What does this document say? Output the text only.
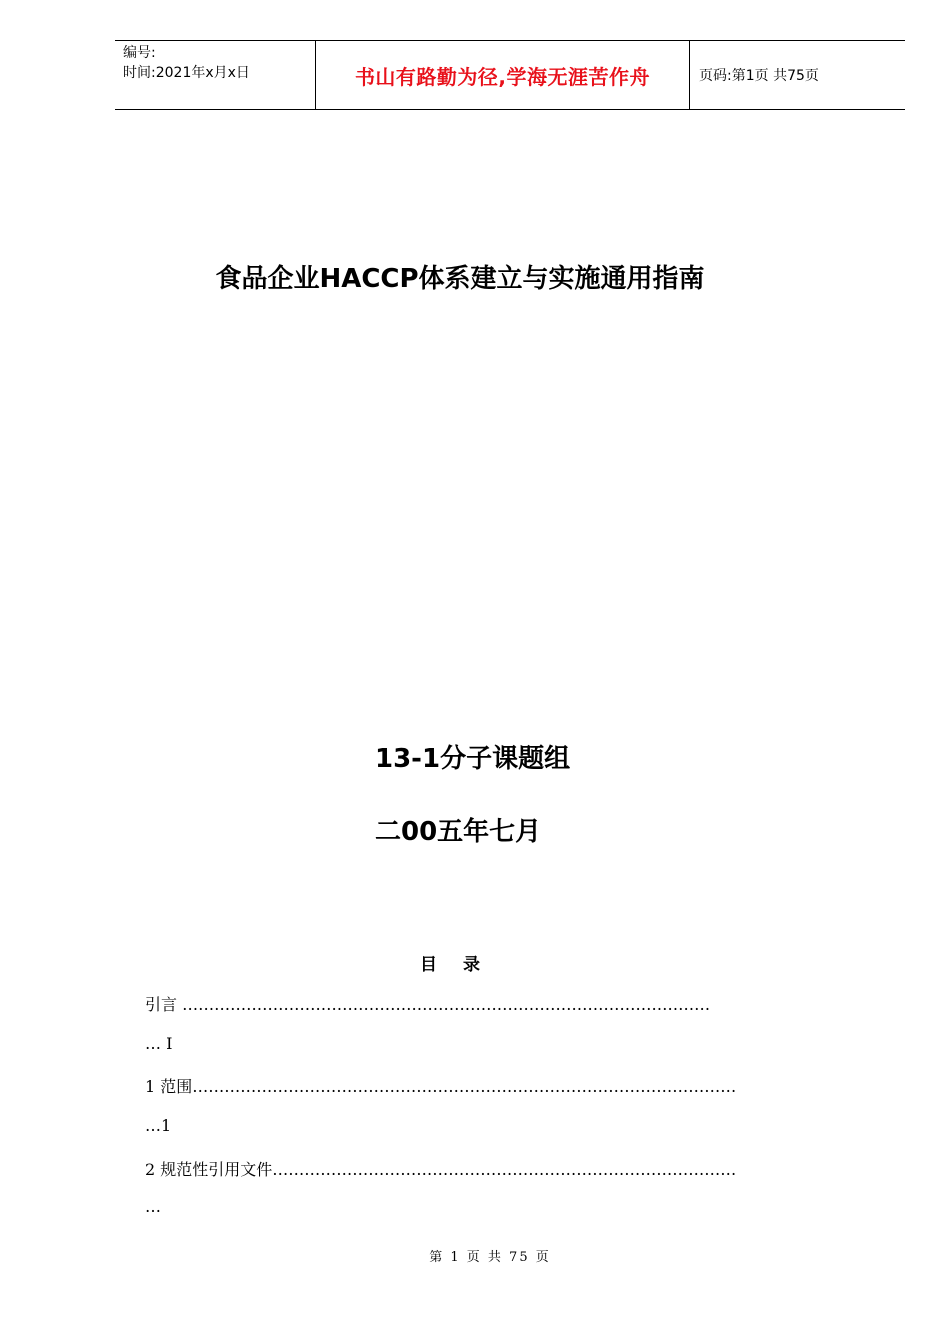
编号:
时间:2021年x月x日	书山有路勤为径,学海无涯苦作舟	页码:第1页 共75页
食品企业HACCP体系建立与实施通用指南
13-1分子课题组
二00五年七月
目 录
引言 ………………………………………………………………………………………
… I
1 范围…………………………………………………………………………………………
…1
2 规范性引用文件……………………………………………………………………………
…
第 1 页 共 75 页
